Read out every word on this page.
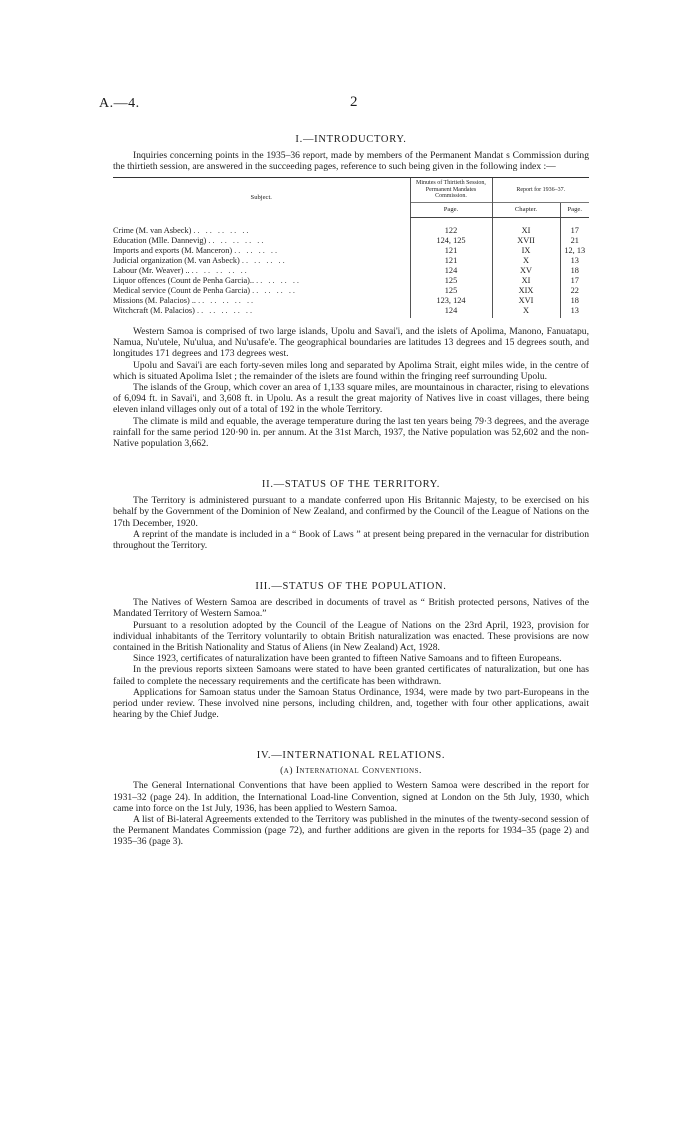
A.—4.	2
I.—INTRODUCTORY.

Inquiries concerning points in the 1935–36 report, made by members of the Permanent Mandat s Commission during the thirtieth session, are answered in the succeeding pages, reference to such being given in the following index :—

Subject.	Minutes of Thirtieth Session, Permanent Mandates Commission.	Report for 1936–37.	
	Page.	Chapter.	Page.
Crime (M. van Asbeck) .. .. .. .. ..	122	XI	17
Education (Mlle. Dannevig) .. .. .. .. ..	124, 125	XVII	21
Imports and exports (M. Manceron) .. .. .. ..	121	IX	12, 13
Judicial organization (M. van Asbeck) .. .. .. ..	121	X	13
Labour (Mr. Weaver) .. .. .. .. .. ..	124	XV	18
Liquor offences (Count de Penha Garcia).. .. .. .. ..	125	XI	17
Medical service (Count de Penha Garcia) .. .. .. ..	125	XIX	22
Missions (M. Palacios) .. .. .. .. .. ..	123, 124	XVI	18
Witchcraft (M. Palacios) .. .. .. .. ..	124	X	13

Western Samoa is comprised of two large islands, Upolu and Savai'i, and the islets of Apolima, Manono, Fanuatapu, Namua, Nu'utele, Nu'ulua, and Nu'usafe'e. The geographical boundaries are latitudes 13 degrees and 15 degrees south, and longitudes 171 degrees and 173 degrees west.

Upolu and Savai'i are each forty-seven miles long and separated by Apolima Strait, eight miles wide, in the centre of which is situated Apolima Islet ; the remainder of the islets are found within the fringing reef surrounding Upolu.

The islands of the Group, which cover an area of 1,133 square miles, are mountainous in character, rising to elevations of 6,094 ft. in Savai'i, and 3,608 ft. in Upolu. As a result the great majority of Natives live in coast villages, there being eleven inland villages only out of a total of 192 in the whole Territory.

The climate is mild and equable, the average temperature during the last ten years being 79·3 degrees, and the average rainfall for the same period 120·90 in. per annum. At the 31st March, 1937, the Native population was 52,602 and the non-Native population 3,662.

II.—STATUS OF THE TERRITORY.

The Territory is administered pursuant to a mandate conferred upon His Britannic Majesty, to be exercised on his behalf by the Government of the Dominion of New Zealand, and confirmed by the Council of the League of Nations on the 17th December, 1920.

A reprint of the mandate is included in a “ Book of Laws ” at present being prepared in the vernacular for distribution throughout the Territory.

III.—STATUS OF THE POPULATION.

The Natives of Western Samoa are described in documents of travel as “ British protected persons, Natives of the Mandated Territory of Western Samoa.”

Pursuant to a resolution adopted by the Council of the League of Nations on the 23rd April, 1923, provision for individual inhabitants of the Territory voluntarily to obtain British naturalization was enacted. These provisions are now contained in the British Nationality and Status of Aliens (in New Zealand) Act, 1928.

Since 1923, certificates of naturalization have been granted to fifteen Native Samoans and to fifteen Europeans.

In the previous reports sixteen Samoans were stated to have been granted certificates of naturalization, but one has failed to complete the necessary requirements and the certificate has been withdrawn.

Applications for Samoan status under the Samoan Status Ordinance, 1934, were made by two part-Europeans in the period under review. These involved nine persons, including children, and, together with four other applications, await hearing by the Chief Judge.

IV.—INTERNATIONAL RELATIONS.
(a) International Conventions.

The General International Conventions that have been applied to Western Samoa were described in the report for 1931–32 (page 24). In addition, the International Load-line Convention, signed at London on the 5th July, 1930, which came into force on the 1st July, 1936, has been applied to Western Samoa.

A list of Bi-lateral Agreements extended to the Territory was published in the minutes of the twenty-second session of the Permanent Mandates Commission (page 72), and further additions are given in the reports for 1934–35 (page 2) and 1935–36 (page 3).
